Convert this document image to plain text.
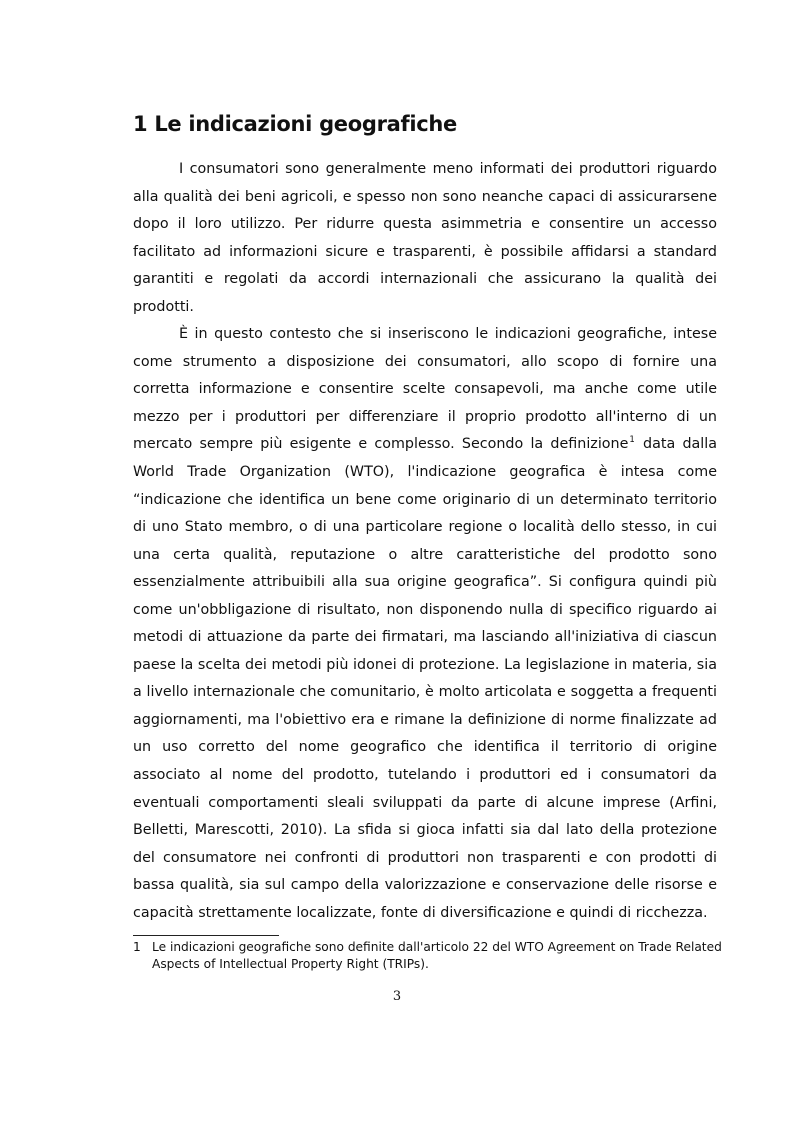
1 Le indicazioni geografiche
I consumatori sono generalmente meno informati dei produttori riguardo
alla qualità dei beni agricoli, e spesso non sono neanche capaci di assicurarsene
dopo il loro utilizzo. Per ridurre questa asimmetria e consentire un accesso
facilitato ad informazioni sicure e trasparenti, è possibile affidarsi a standard
garantiti e regolati da accordi internazionali che assicurano la qualità dei
prodotti.
È in questo contesto che si inseriscono le indicazioni geografiche, intese
come strumento a disposizione dei consumatori, allo scopo di fornire una
corretta informazione e consentire scelte consapevoli, ma anche come utile
mezzo per i produttori per differenziare il proprio prodotto all'interno di un
mercato sempre più esigente e complesso. Secondo la definizione$^1$ data dalla
World Trade Organization (WTO), l'indicazione geografica è intesa come
“indicazione che identifica un bene come originario di un determinato territorio
di uno Stato membro, o di una particolare regione o località dello stesso, in cui
una certa qualità, reputazione o altre caratteristiche del prodotto sono
essenzialmente attribuibili alla sua origine geografica”. Si configura quindi più
come un'obbligazione di risultato, non disponendo nulla di specifico riguardo ai
metodi di attuazione da parte dei firmatari, ma lasciando all'iniziativa di ciascun
paese la scelta dei metodi più idonei di protezione. La legislazione in materia, sia
a livello internazionale che comunitario, è molto articolata e soggetta a frequenti
aggiornamenti, ma l'obiettivo era e rimane la definizione di norme finalizzate ad
un uso corretto del nome geografico che identifica il territorio di origine
associato al nome del prodotto, tutelando i produttori ed i consumatori da
eventuali comportamenti sleali sviluppati da parte di alcune imprese (Arfini,
Belletti, Marescotti, 2010). La sfida si gioca infatti sia dal lato della protezione
del consumatore nei confronti di produttori non trasparenti e con prodotti di
bassa qualità, sia sul campo della valorizzazione e conservazione delle risorse e
capacità strettamente localizzate, fonte di diversificazione e quindi di ricchezza.
1 Le indicazioni geografiche sono definite dall'articolo 22 del WTO Agreement on Trade Related Aspects of Intellectual Property Right (TRIPs).
3
